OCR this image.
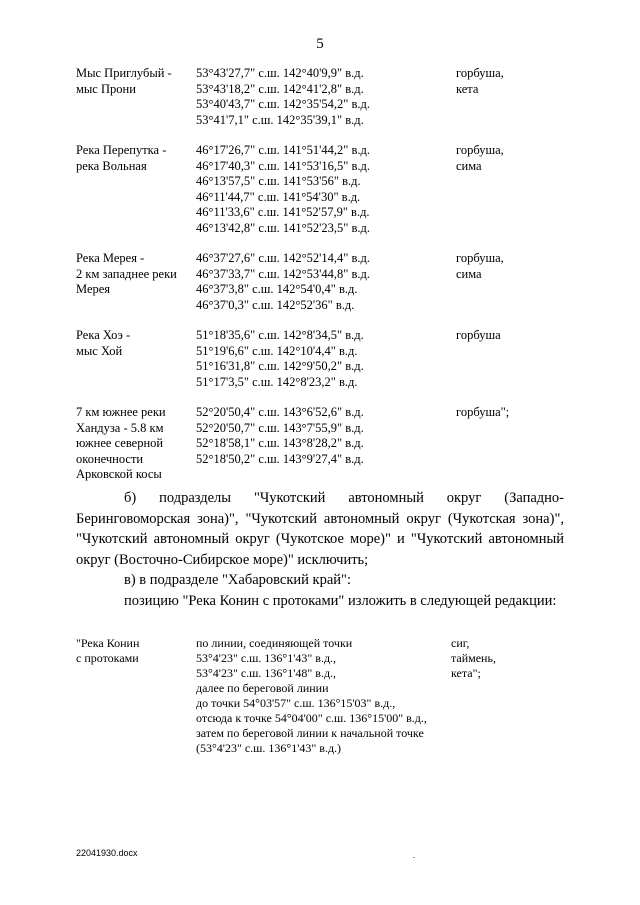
5
Мыс Приглубый -
мыс Прони
53°43'27,7" с.ш. 142°40'9,9" в.д.
53°43'18,2" с.ш. 142°41'2,8" в.д.
53°40'43,7" с.ш. 142°35'54,2" в.д.
53°41'7,1" с.ш. 142°35'39,1" в.д.
горбуша,
кета
Река Перепутка -
река Вольная
46°17'26,7" с.ш. 141°51'44,2" в.д.
46°17'40,3" с.ш. 141°53'16,5" в.д.
46°13'57,5" с.ш. 141°53'56" в.д.
46°11'44,7" с.ш. 141°54'30" в.д.
46°11'33,6" с.ш. 141°52'57,9" в.д.
46°13'42,8" с.ш. 141°52'23,5" в.д.
горбуша,
сима
Река Мерея -
2 км западнее реки
Мерея
46°37'27,6" с.ш. 142°52'14,4" в.д.
46°37'33,7" с.ш. 142°53'44,8" в.д.
46°37'3,8" с.ш. 142°54'0,4" в.д.
46°37'0,3" с.ш. 142°52'36" в.д.
горбуша,
сима
Река Хоэ -
мыс Хой
51°18'35,6" с.ш. 142°8'34,5" в.д.
51°19'6,6" с.ш. 142°10'4,4" в.д.
51°16'31,8" с.ш. 142°9'50,2" в.д.
51°17'3,5" с.ш. 142°8'23,2" в.д.
горбуша
7 км южнее реки
Хандуза - 5.8 км
южнее северной
оконечности
Арковской косы
52°20'50,4" с.ш. 143°6'52,6" в.д.
52°20'50,7" с.ш. 143°7'55,9" в.д.
52°18'58,1" с.ш. 143°8'28,2" в.д.
52°18'50,2" с.ш. 143°9'27,4" в.д.
горбуша";
б) подразделы "Чукотский автономный округ (Западно-Беринговоморская зона)", "Чукотский автономный округ (Чукотская зона)", "Чукотский автономный округ (Чукотское море)" и "Чукотский автономный округ (Восточно-Сибирское море)" исключить;
в) в подразделе "Хабаровский край":
позицию "Река Конин с протоками" изложить в следующей редакции:
"Река Конин
с протоками
по линии, соединяющей точки
53°4'23" с.ш. 136°1'43" в.д.,
53°4'23" с.ш. 136°1'48" в.д.,
далее по береговой линии
до точки 54°03'57" с.ш. 136°15'03" в.д.,
отсюда к точке 54°04'00" с.ш. 136°15'00" в.д.,
затем по береговой линии к начальной точке
(53°4'23" с.ш. 136°1'43" в.д.)
сиг,
таймень,
кета";
22041930.docx
